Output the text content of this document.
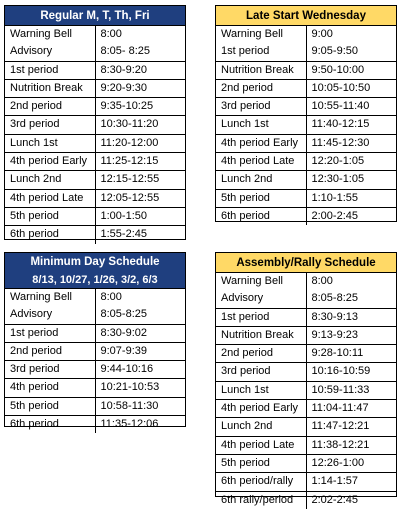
Regular M, T, Th, Fri	
Warning Bell	8:00
Advisory	8:05- 8:25
1st period	8:30-9:20
Nutrition Break	9:20-9:30
2nd period	9:35-10:25
3rd period	10:30-11:20
Lunch 1st	11:20-12:00
4th period Early	11:25-12:15
Lunch 2nd	12:15-12:55
4th period Late	12:05-12:55
5th period	1:00-1:50
6th period	1:55-2:45
Late Start Wednesday	
Warning Bell	9:00
1st period	9:05-9:50
Nutrition Break	9:50-10:00
2nd period	10:05-10:50
3rd period	10:55-11:40
Lunch 1st	11:40-12:15
4th period Early	11:45-12:30
4th period Late	12:20-1:05
Lunch 2nd	12:30-1:05
5th period	1:10-1:55
6th period	2:00-2:45
Minimum Day Schedule	
8/13, 10/27, 1/26, 3/2, 6/3	
Warning Bell	8:00
Advisory	8:05-8:25
1st period	8:30-9:02
2nd period	9:07-9:39
3rd period	9:44-10:16
4th period	10:21-10:53
5th period	10:58-11:30
6th period	11:35-12:06
Assembly/Rally Schedule	
Warning Bell	8:00
Advisory	8:05-8:25
1st period	8:30-9:13
Nutrition Break	9:13-9:23
2nd period	9:28-10:11
3rd period	10:16-10:59
Lunch 1st	10:59-11:33
4th period Early	11:04-11:47
Lunch 2nd	11:47-12:21
4th period Late	11:38-12:21
5th period	12:26-1:00
6th period/rally	1:14-1:57
6th rally/period	2:02-2:45
